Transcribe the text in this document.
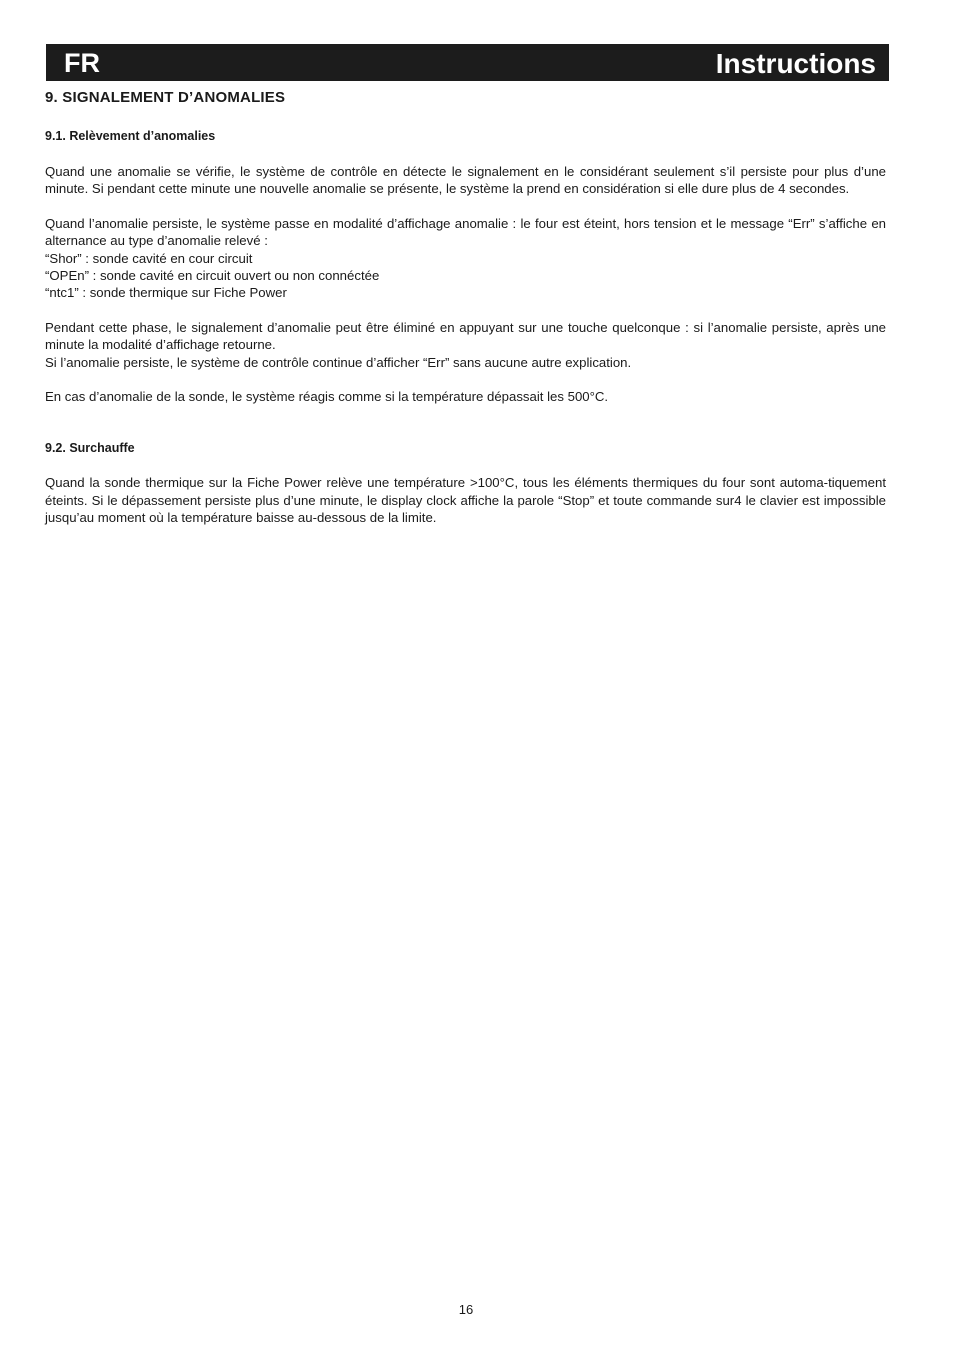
FR	Instructions
9. SIGNALEMENT D’ANOMALIES
9.1. Relèvement d’anomalies

Quand une anomalie se vérifie, le système de contrôle en détecte le signalement en le considérant seulement s’il persiste pour plus d’une minute. Si pendant cette minute une nouvelle anomalie se présente, le système la prend en considération si elle dure plus de 4 secondes.

Quand l’anomalie persiste, le système passe en modalité d’affichage anomalie : le four est éteint, hors tension et le message “Err” s’affiche en alternance au type d’anomalie relevé :

“Shor” : sonde cavité en cour circuit
“OPEn” : sonde cavité en circuit ouvert ou non connéctée
“ntc1” : sonde thermique sur Fiche Power

Pendant cette phase, le signalement d’anomalie peut être éliminé en appuyant sur une touche quelconque : si l’anomalie persiste, après une minute la modalité d’affichage retourne.

Si l’anomalie persiste, le système de contrôle continue d’afficher “Err” sans aucune autre explication.

En cas d’anomalie de la sonde, le système réagis comme si la température dépassait les 500°C.

9.2. Surchauffe

Quand la sonde thermique sur la Fiche Power relève une température >100°C, tous les éléments thermiques du four sont automa-tiquement éteints. Si le dépassement persiste plus d’une minute, le display clock affiche la parole “Stop” et toute commande sur4 le clavier est impossible jusqu’au moment où la température baisse au-dessous de la limite.

16
